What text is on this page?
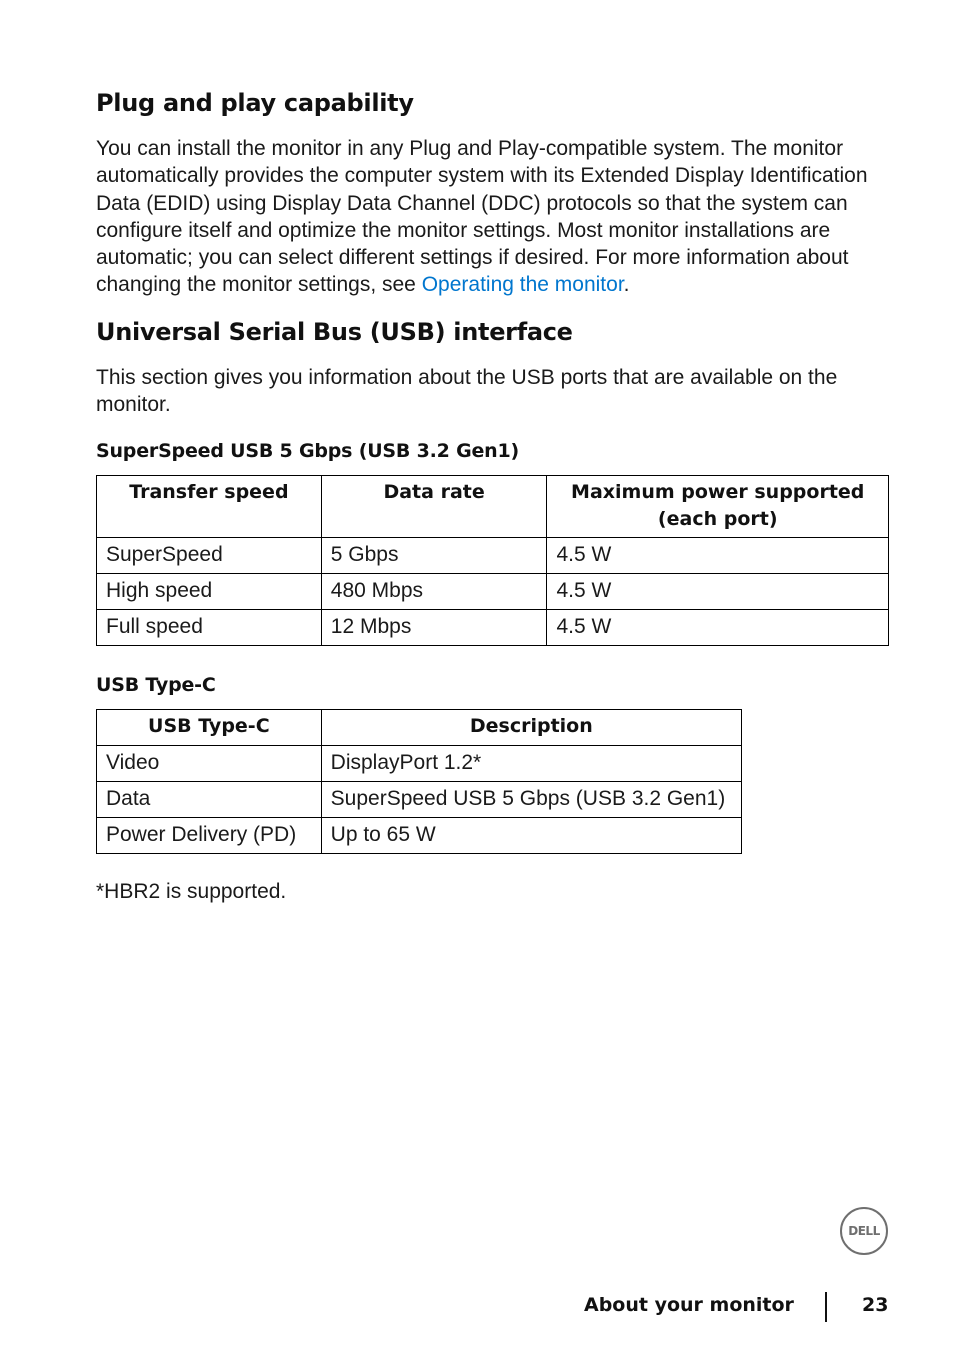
Plug and play capability

You can install the monitor in any Plug and Play-compatible system. The monitor automatically provides the computer system with its Extended Display Identification Data (EDID) using Display Data Channel (DDC) protocols so that the system can configure itself and optimize the monitor settings. Most monitor installations are automatic; you can select different settings if desired. For more information about changing the monitor settings, see Operating the monitor.

Universal Serial Bus (USB) interface

This section gives you information about the USB ports that are available on the monitor.

SuperSpeed USB 5 Gbps (USB 3.2 Gen1)
Transfer speed	Data rate	Maximum power supported (each port)
SuperSpeed	5 Gbps	4.5 W
High speed	480 Mbps	4.5 W
Full speed	12 Mbps	4.5 W
USB Type-C
USB Type-C	Description
Video	DisplayPort 1.2*
Data	SuperSpeed USB 5 Gbps (USB 3.2 Gen1)
Power Delivery (PD)	Up to 65 W

*HBR2 is supported.

DELL
About your monitor	23
